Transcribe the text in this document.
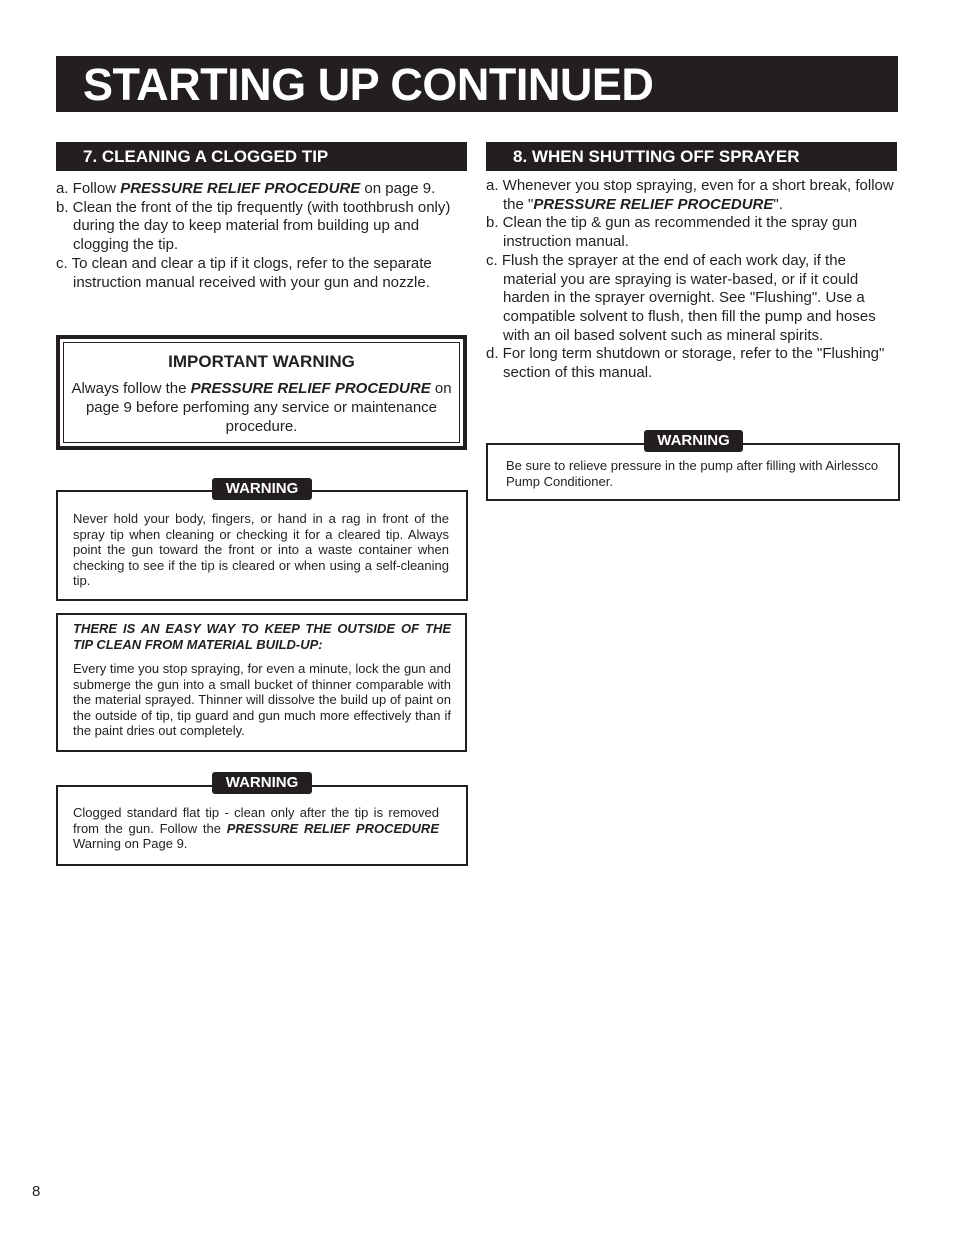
STARTING UP CONTINUED
7. CLEANING A CLOGGED TIP
a. Follow PRESSURE RELIEF PROCEDURE on page 9.
b. Clean the front of the tip frequently (with toothbrush only) during the day to keep material from building up and clogging the tip.
c. To clean and clear a tip if it clogs, refer to the separate instruction manual received with your gun and nozzle.
IMPORTANT WARNING
Always follow the PRESSURE RELIEF PROCEDURE on page 9 before perfoming any service or maintenance procedure.
Never hold your body, fingers, or hand in a rag in front of the spray tip when cleaning or checking it for a cleared tip. Always point the gun toward the front or into a waste container when checking to see if the tip is cleared or when using a self-cleaning tip.
WARNING
THERE IS AN EASY WAY TO KEEP THE OUTSIDE OF THE TIP CLEAN FROM MATERIAL BUILD-UP:
Every time you stop spraying, for even a minute, lock the gun and submerge the gun into a small bucket of thinner comparable with the material sprayed. Thinner will dissolve the build up of paint on the outside of tip, tip guard and gun much more effectively than if the paint dries out completely.
Clogged standard flat tip - clean only after the tip is removed from the gun. Follow the PRESSURE RELIEF PROCEDURE Warning on Page 9.
WARNING
8. WHEN SHUTTING OFF SPRAYER
a. Whenever you stop spraying, even for a short break, follow the "PRESSURE RELIEF PROCEDURE".
b. Clean the tip & gun as recommended it the spray gun instruction manual.
c. Flush the sprayer at the end of each work day, if the material you are spraying is water-based, or if it could harden in the sprayer overnight. See "Flushing". Use a compatible solvent to flush, then fill the pump and hoses with an oil based solvent such as mineral spirits.
d. For long term shutdown or storage, refer to the "Flushing" section of this manual.
Be sure to relieve pressure in the pump after filling with Airlessco Pump Conditioner.
WARNING
8
